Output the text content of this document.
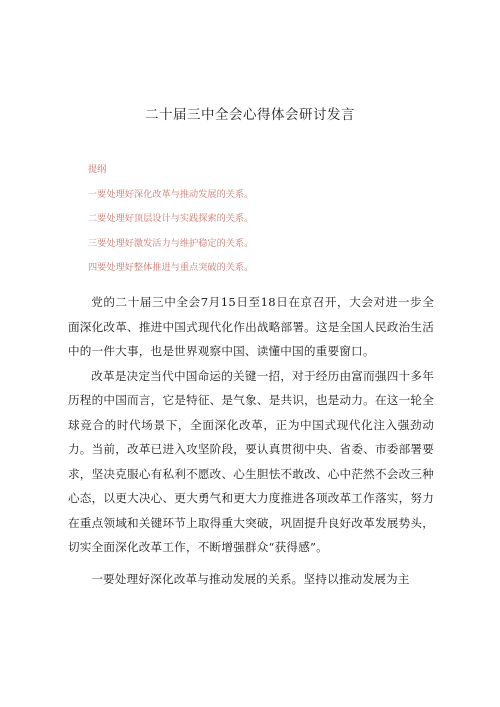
二十届三中全会心得体会研讨发言
提纲
一要处理好深化改革与推动发展的关系。
二要处理好顶层设计与实践探索的关系。
三要处理好激发活力与维护稳定的关系。
四要处理好整体推进与重点突破的关系。

党的二十届三中全会7月15日至18日在京召开，大会对进一步全面深化改革、推进中国式现代化作出战略部署。这是全国人民政治生活中的一件大事，也是世界观察中国、读懂中国的重要窗口。

改革是决定当代中国命运的关键一招，对于经历由富而强四十多年历程的中国而言，它是特征、是气象、是共识，也是动力。在这一轮全球竞合的时代场景下，全面深化改革，正为中国式现代化注入强劲动力。当前，改革已进入攻坚阶段，要认真贯彻中央、省委、市委部署要求，坚决克服心有私利不愿改、心生胆怯不敢改、心中茫然不会改三种心态，以更大决心、更大勇气和更大力度推进各项改革工作落实，努力在重点领域和关键环节上取得重大突破，巩固提升良好改革发展势头，切实全面深化改革工作，不断增强群众“获得感”。

一要处理好深化改革与推动发展的关系。坚持以推动发展为主
